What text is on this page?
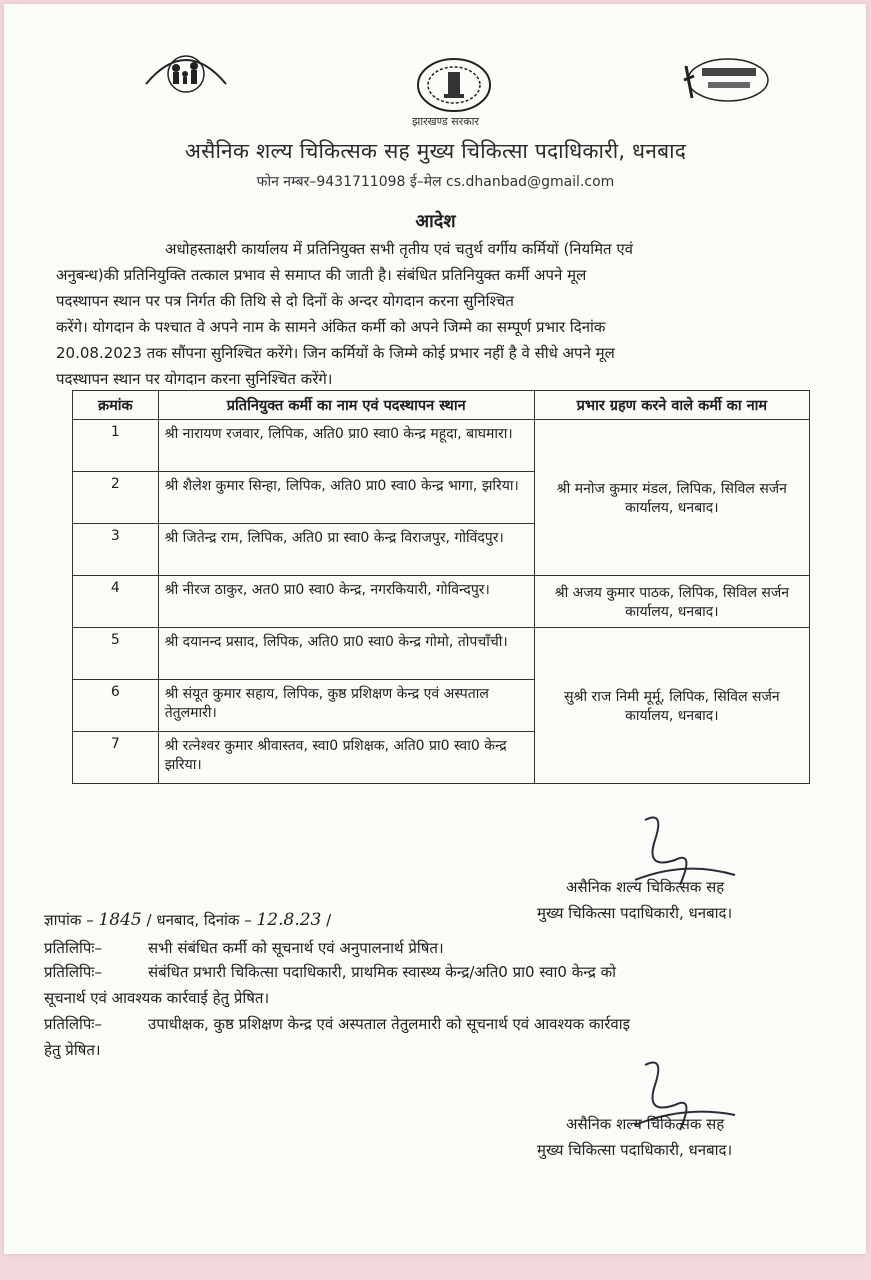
झारखण्ड सरकार
असैनिक शल्य चिकित्सक सह मुख्य चिकित्सा पदाधिकारी, धनबाद
फोन नम्बर–9431711098 ई–मेल cs.dhanbad@gmail.com
आदेश
अधोहस्ताक्षरी कार्यालय में प्रतिनियुक्त सभी तृतीय एवं चतुर्थ वर्गीय कर्मियों (नियमित एवं
अनुबन्ध)की प्रतिनियुक्ति तत्काल प्रभाव से समाप्त की जाती है। संबंधित प्रतिनियुक्त कर्मी अपने मूल
पदस्थापन स्थान पर पत्र निर्गत की तिथि से दो दिनों के अन्दर योगदान करना सुनिश्चित
करेंगे। योगदान के पश्चात वे अपने नाम के सामने अंकित कर्मी को अपने जिम्मे का सम्पूर्ण प्रभार दिनांक
20.08.2023 तक सौंपना सुनिश्चित करेंगे। जिन कर्मियों के जिम्मे कोई प्रभार नहीं है वे सीधे अपने मूल
पदस्थापन स्थान पर योगदान करना सुनिश्चित करेंगे।
क्रमांक	प्रतिनियुक्त कर्मी का नाम एवं पदस्थापन स्थान	प्रभार ग्रहण करने वाले कर्मी का नाम
1	श्री नारायण रजवार, लिपिक, अति0 प्रा0 स्वा0 केन्द्र महूदा, बाघमारा।	श्री मनोज कुमार मंडल, लिपिक, सिविल सर्जन कार्यालय, धनबाद।
2	श्री शैलेश कुमार सिन्हा, लिपिक, अति0 प्रा0 स्वा0 केन्द्र भागा, झरिया।	
3	श्री जितेन्द्र राम, लिपिक, अति0 प्रा स्वा0 केन्द्र विराजपुर, गोविंदपुर।	
4	श्री नीरज ठाकुर, अत0 प्रा0 स्वा0 केन्द्र, नगरकियारी, गोविन्दपुर।	श्री अजय कुमार पाठक, लिपिक, सिविल सर्जन कार्यालय, धनबाद।
5	श्री दयानन्द प्रसाद, लिपिक, अति0 प्रा0 स्वा0 केन्द्र गोमो, तोपचाँची।	सुश्री राज निमी मूर्मू, लिपिक, सिविल सर्जन कार्यालय, धनबाद।
6	श्री संयूत कुमार सहाय, लिपिक, कुष्ठ प्रशिक्षण केन्द्र एवं अस्पताल तेतुलमारी।	
7	श्री रत्नेश्वर कुमार श्रीवास्तव, स्वा0 प्रशिक्षक, अति0 प्रा0 स्वा0 केन्द्र झरिया।	
असैनिक शल्य चिकित्सक सह
मुख्य चिकित्सा पदाधिकारी, धनबाद।
ज्ञापांक – 1845 / धनबाद, दिनांक – 12.8.23 /
प्रतिलिपिः–	सभी संबंधित कर्मी को सूचनार्थ एवं अनुपालनार्थ प्रेषित।
प्रतिलिपिः–	संबंधित प्रभारी चिकित्सा पदाधिकारी, प्राथमिक स्वास्थ्य केन्द्र/अति0 प्रा0 स्वा0 केन्द्र को
सूचनार्थ एवं आवश्यक कार्रवाई हेतु प्रेषित।
प्रतिलिपिः–	उपाधीक्षक, कुष्ठ प्रशिक्षण केन्द्र एवं अस्पताल तेतुलमारी को सूचनार्थ एवं आवश्यक कार्रवाइ
हेतु प्रेषित।
असैनिक शल्य चिकित्सक सह
मुख्य चिकित्सा पदाधिकारी, धनबाद।
